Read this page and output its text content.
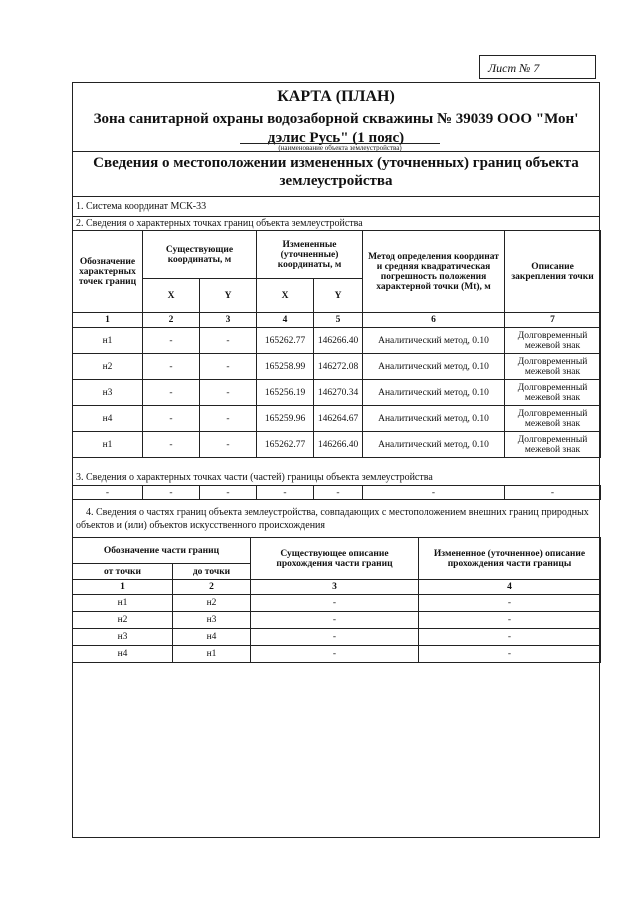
Лист № 7
КАРТА (ПЛАН)
Зона санитарной охраны водозаборной скважины № 39039 ООО "Мон' дэлис Русь" (1 пояс)
(наименование объекта землеустройства)
Сведения о местоположении измененных (уточненных) границ объекта землеустройства
1. Система координат МСК-33
2. Сведения о характерных точках границ объекта землеустройства
Обозначение характерных точек границ	Существующие координаты, м		Измененные (уточненные) координаты, м		Метод определения координат и средняя квадратическая погрешность положения характерной точки (Mt), м	Описание закрепления точки
	X	Y	X	Y		
1	2	3	4	5	6	7
н1	-	-	165262.77	146266.40	Аналитический метод, 0.10	Долговременный межевой знак
н2	-	-	165258.99	146272.08	Аналитический метод, 0.10	Долговременный межевой знак
н3	-	-	165256.19	146270.34	Аналитический метод, 0.10	Долговременный межевой знак
н4	-	-	165259.96	146264.67	Аналитический метод, 0.10	Долговременный межевой знак
н1	-	-	165262.77	146266.40	Аналитический метод, 0.10	Долговременный межевой знак
3. Сведения о характерных точках части (частей) границы объекта землеустройства
-	-	-	-	-	-	-
4. Сведения о частях границ объекта землеустройства, совпадающих с местоположением внешних границ природных объектов и (или) объектов искусственного происхождения
Обозначение части границ		Существующее описание прохождения части границ	Измененное (уточненное) описание прохождения части границы
от точки	до точки		
1	2	3	4
н1	н2	-	-
н2	н3	-	-
н3	н4	-	-
н4	н1	-	-
